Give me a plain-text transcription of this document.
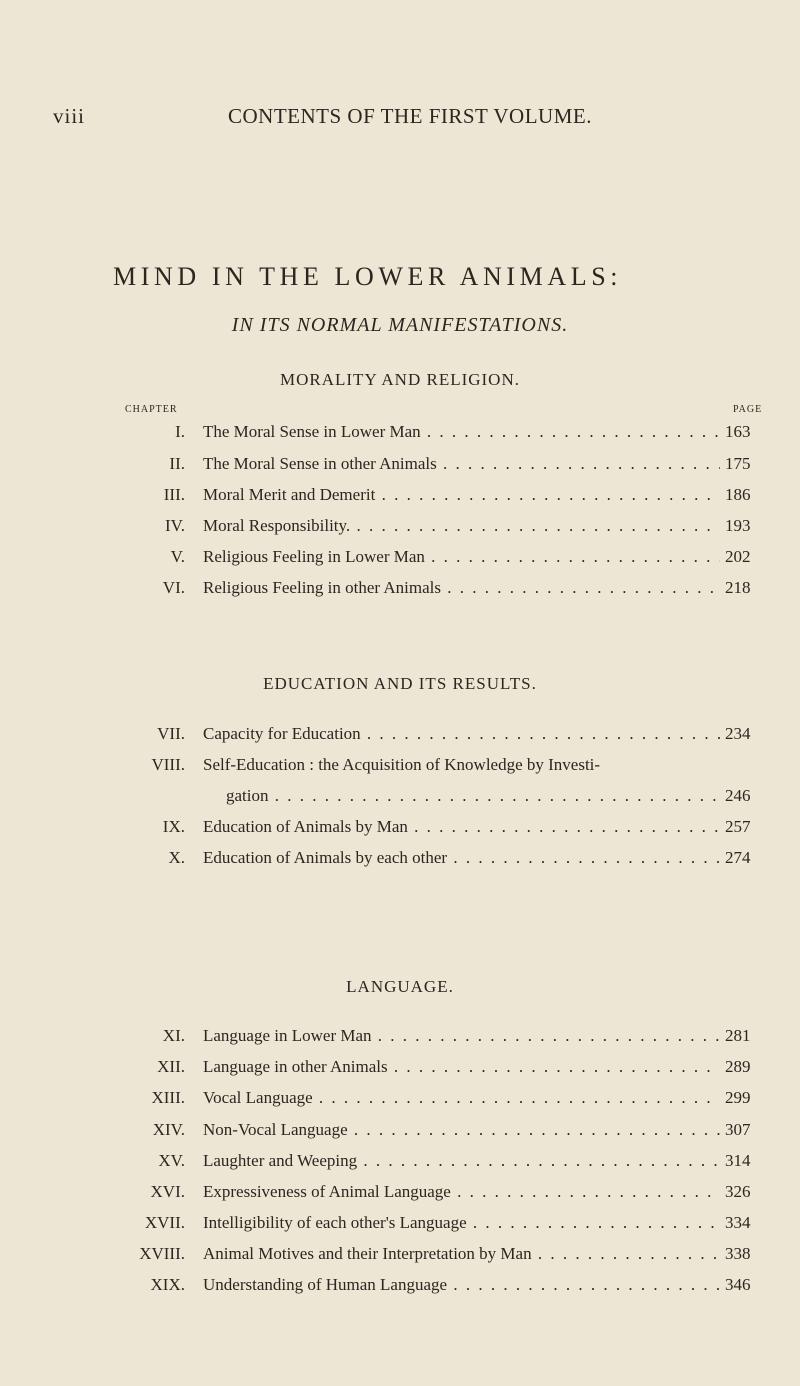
viii	CONTENTS OF THE FIRST VOLUME.
MIND IN THE LOWER ANIMALS:
IN ITS NORMAL MANIFESTATIONS.
MORALITY AND RELIGION.
CHAPTER	PAGE
I. The Moral Sense in Lower Man . . .	163
II. The Moral Sense in other Animals . . .	175
III. Moral Merit and Demerit . . .	186
IV. Moral Responsibility. . . .	193
V. Religious Feeling in Lower Man . . .	202
VI. Religious Feeling in other Animals . . .	218
EDUCATION AND ITS RESULTS.
VII. Capacity for Education . . .	234
VIII. Self-Education : the Acquisition of Knowledge by Investi-
gation . . .	246
IX. Education of Animals by Man . . .	257
X. Education of Animals by each other . . .	274
LANGUAGE.
XI. Language in Lower Man . . .	281
XII. Language in other Animals . . .	289
XIII. Vocal Language . . .	299
XIV. Non-Vocal Language . . .	307
XV. Laughter and Weeping . . .	314
XVI. Expressiveness of Animal Language . . .	326
XVII. Intelligibility of each other's Language . . .	334
XVIII. Animal Motives and their Interpretation by Man . . .	338
XIX. Understanding of Human Language . . .	346
